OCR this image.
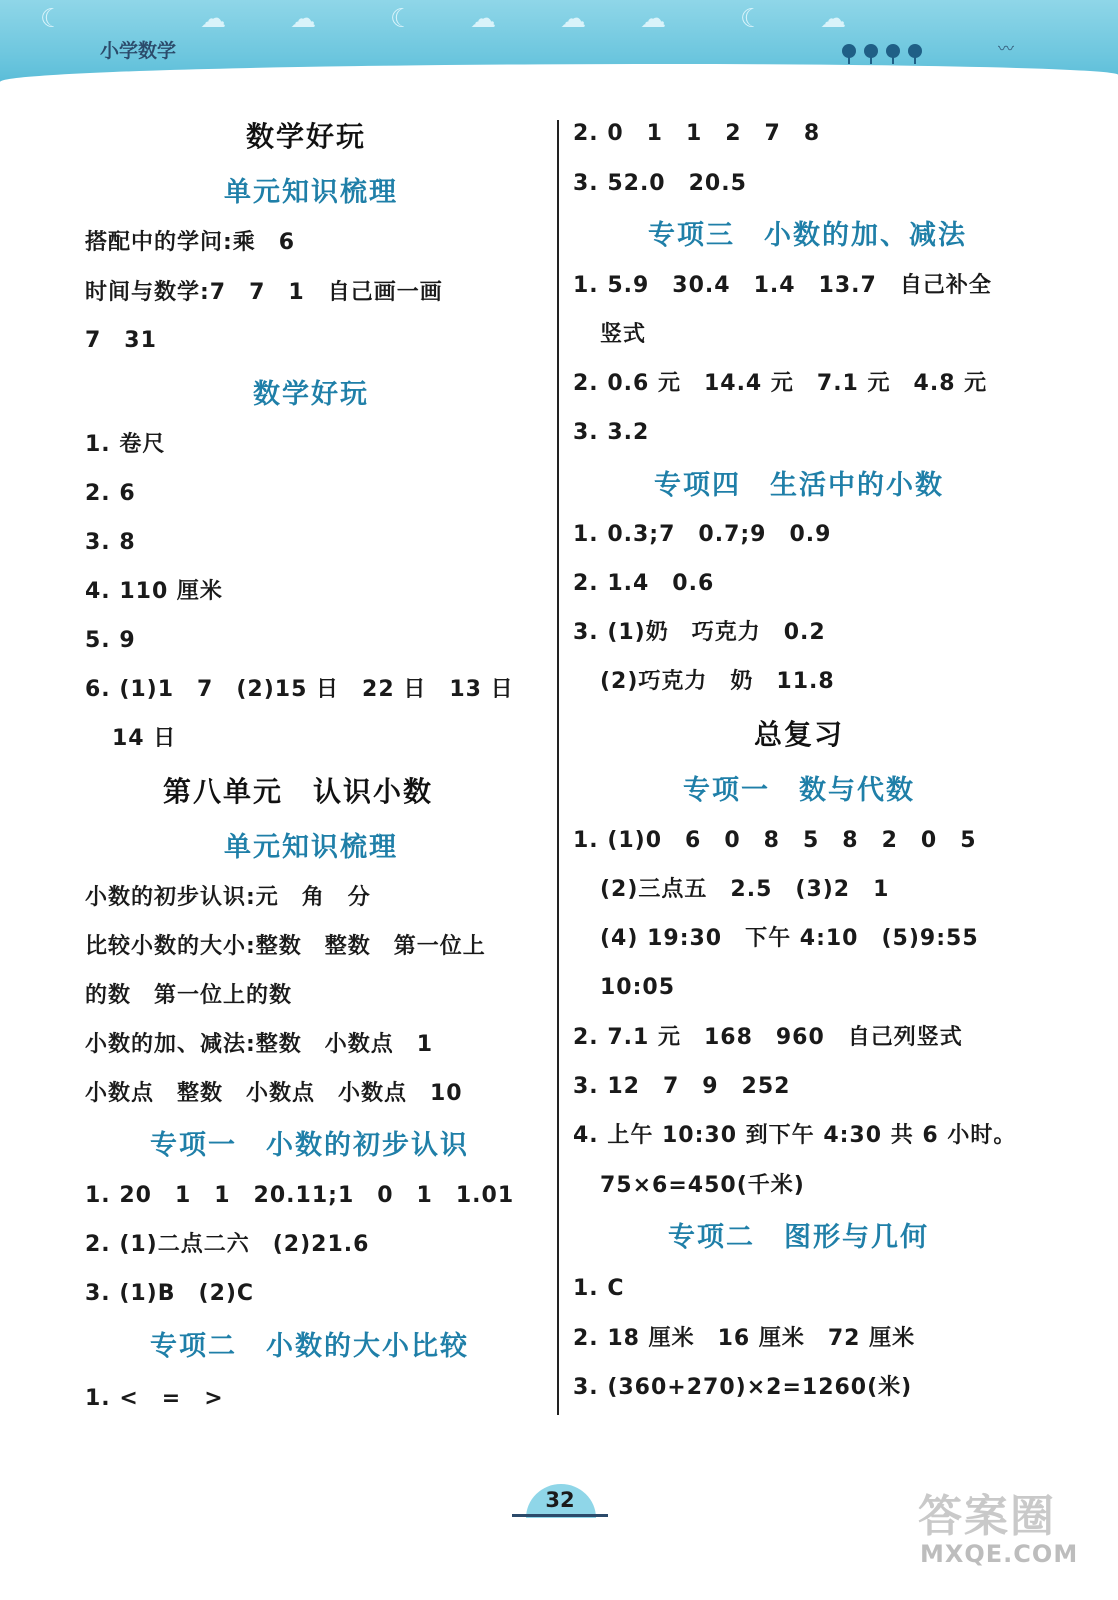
☾	☁ ☁	☾ ☁ ☁ ☁	☾ ☁
〰
小学数学
数学好玩
单元知识梳理
搭配中的学问:乘　6
时间与数学:7　7　1　自己画一画
7　31
数学好玩
1. 卷尺
2. 6
3. 8
4. 110 厘米
5. 9
6. (1)1　7　(2)15 日　22 日　13 日
14 日
第八单元　认识小数
单元知识梳理
小数的初步认识:元　角　分
比较小数的大小:整数　整数　第一位上
的数　第一位上的数
小数的加、减法:整数　小数点　1
小数点　整数　小数点　小数点　10
专项一　小数的初步认识
1. 20　1　1　20.11;1　0　1　1.01
2. (1)二点二六　(2)21.6
3. (1)B　(2)C
专项二　小数的大小比较
1. <　=　>
2. 0　1　1　2　7　8
3. 52.0　20.5
专项三　小数的加、减法
1. 5.9　30.4　1.4　13.7　自己补全
竖式
2. 0.6 元　14.4 元　7.1 元　4.8 元
3. 3.2
专项四　生活中的小数
1. 0.3;7　0.7;9　0.9
2. 1.4　0.6
3. (1)奶　巧克力　0.2
(2)巧克力　奶　11.8
总复习
专项一　数与代数
1. (1)0　6　0　8　5　8　2　0　5
(2)三点五　2.5　(3)2　1
(4) 19:30　下午 4:10　(5)9:55
10:05
2. 7.1 元　168　960　自己列竖式
3. 12　7　9　252
4. 上午 10:30 到下午 4:30 共 6 小时。
75×6=450(千米)
专项二　图形与几何
1. C
2. 18 厘米　16 厘米　72 厘米
3. (360+270)×2=1260(米)
32	答案圈
MXQE.COM
